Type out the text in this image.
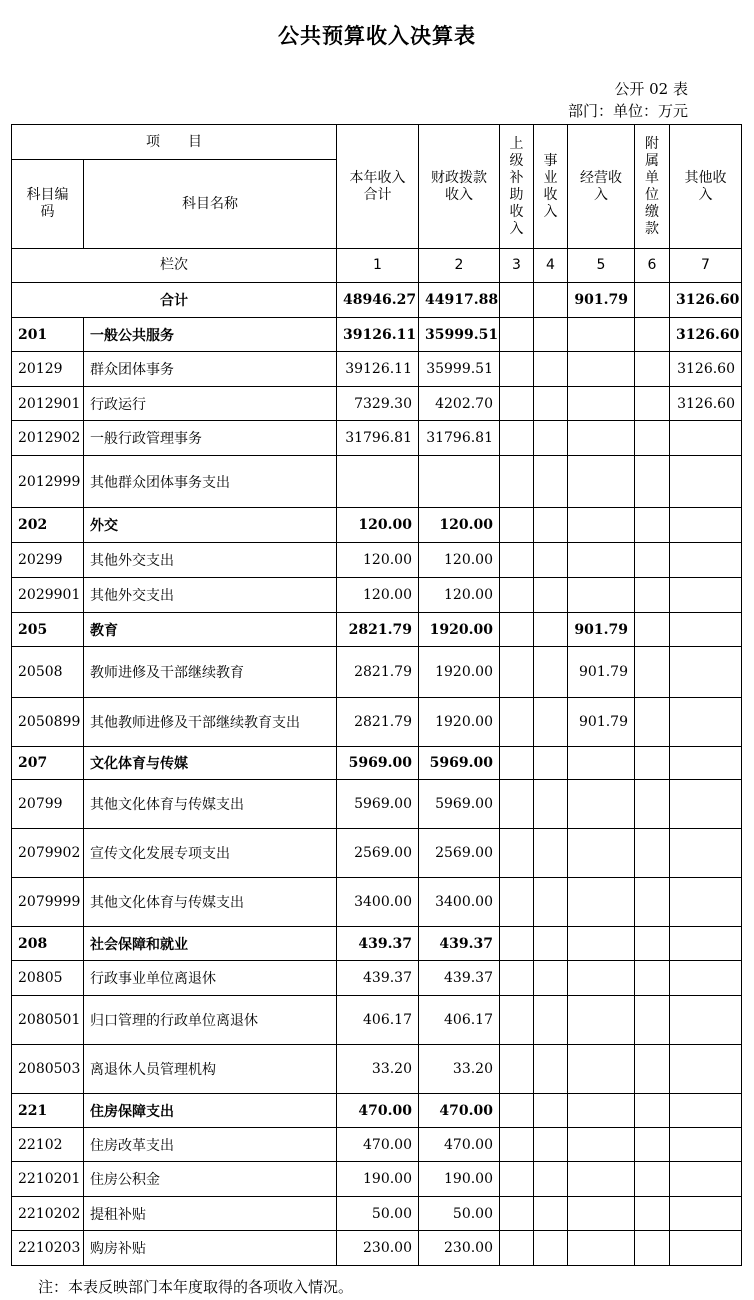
公共预算收入决算表
公开 02 表
部门：单位：万元
项　　目		本年收入合计	财政拨款收入	上级补助收入	事业收入	经营收入	附属单位缴款	其他收入
科目编码	科目名称							
栏次		1	2	3	4	5	6	7
合计		48946.27	44917.88			901.79		3126.60
201	一般公共服务	39126.11	35999.51					3126.60
20129	群众团体事务	39126.11	35999.51					3126.60
2012901	行政运行	7329.30	4202.70					3126.60
2012902	一般行政管理事务	31796.81	31796.81					
2012999	其他群众团体事务支出							
202	外交	120.00	120.00					
20299	其他外交支出	120.00	120.00					
2029901	其他外交支出	120.00	120.00					
205	教育	2821.79	1920.00			901.79		
20508	教师进修及干部继续教育	2821.79	1920.00			901.79		
2050899	其他教师进修及干部继续教育支出	2821.79	1920.00			901.79		
207	文化体育与传媒	5969.00	5969.00					
20799	其他文化体育与传媒支出	5969.00	5969.00					
2079902	宣传文化发展专项支出	2569.00	2569.00					
2079999	其他文化体育与传媒支出	3400.00	3400.00					
208	社会保障和就业	439.37	439.37					
20805	行政事业单位离退休	439.37	439.37					
2080501	归口管理的行政单位离退休	406.17	406.17					
2080503	离退休人员管理机构	33.20	33.20					
221	住房保障支出	470.00	470.00					
22102	住房改革支出	470.00	470.00					
2210201	住房公积金	190.00	190.00					
2210202	提租补贴	50.00	50.00					
2210203	购房补贴	230.00	230.00					
注：本表反映部门本年度取得的各项收入情况。
